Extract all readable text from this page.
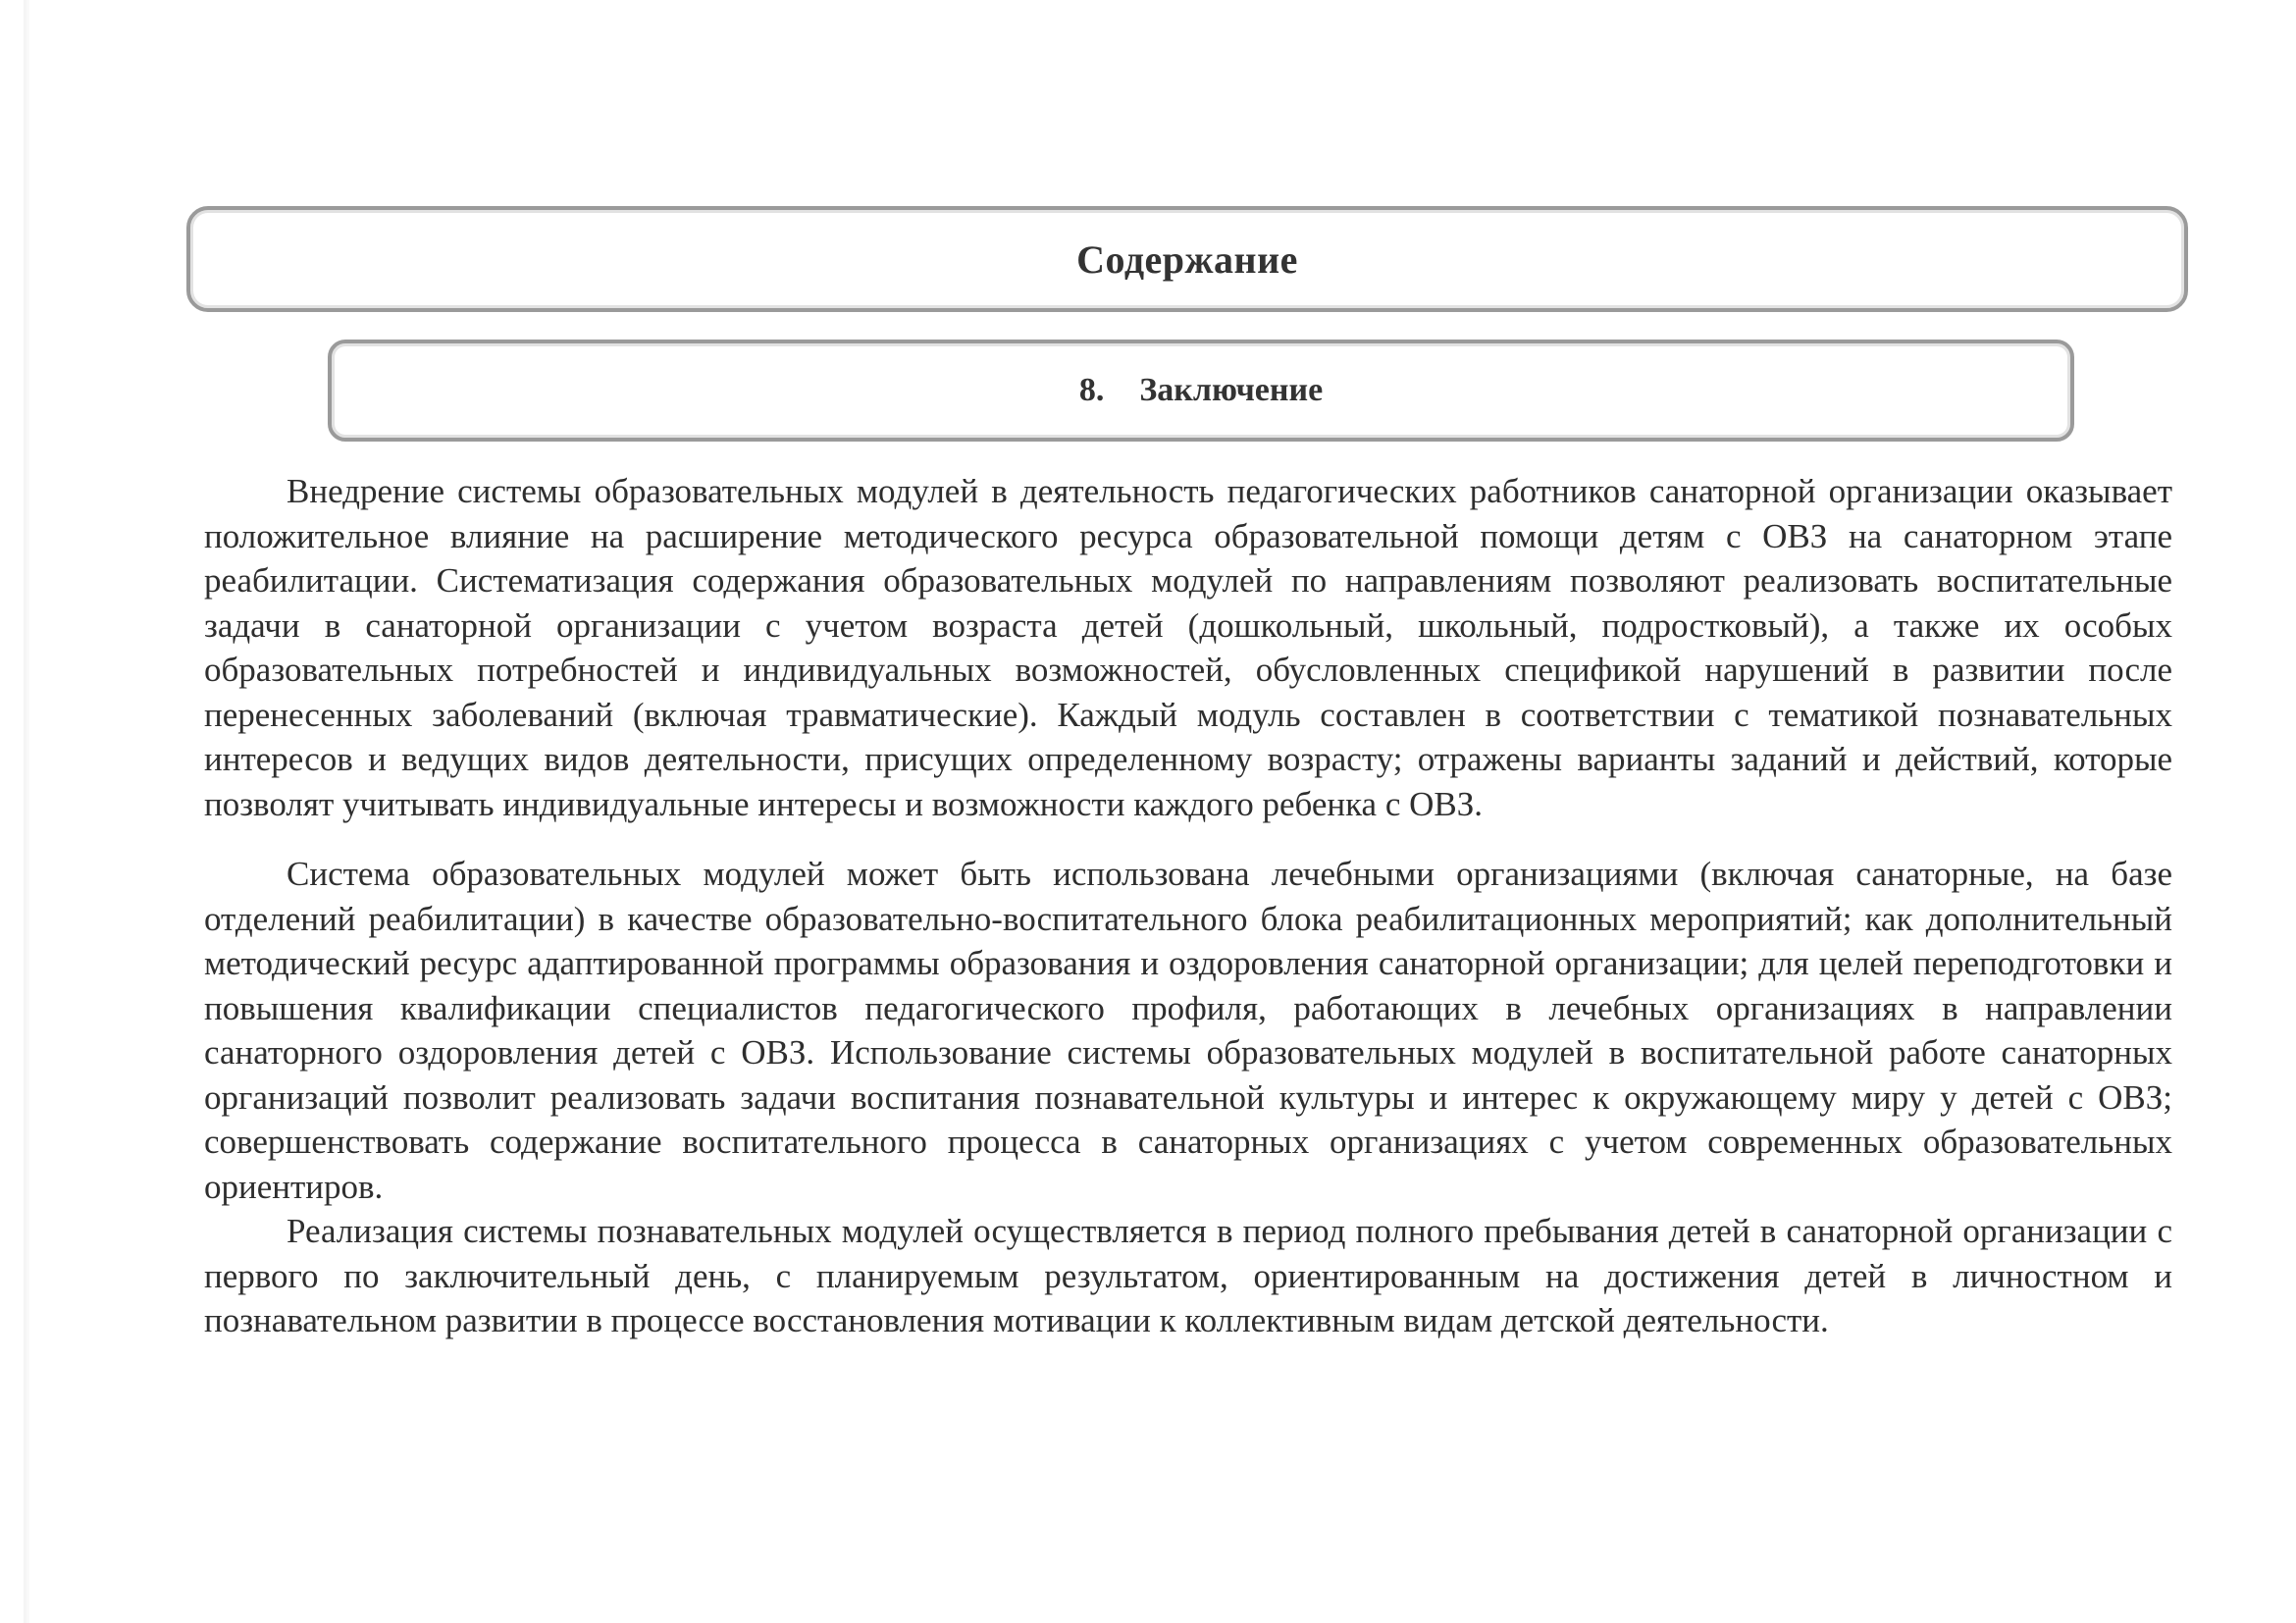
Содержание
8. Заключение

Внедрение системы образовательных модулей в деятельность педагогических работников санаторной организации оказывает положительное влияние на расширение методического ресурса образовательной помощи детям с ОВЗ на санаторном этапе реабилитации. Систематизация содержания образовательных модулей по направлениям позволяют реализовать воспитательные задачи в санаторной организации с учетом возраста детей (дошкольный, школьный, подростковый), а также их особых образовательных потребностей и индивидуальных возможностей, обусловленных спецификой нарушений в развитии после перенесенных заболеваний (включая травматические). Каждый модуль составлен в соответствии с тематикой познавательных интересов и ведущих видов деятельности, присущих определенному возрасту; отражены варианты заданий и действий, которые позволят учитывать индивидуальные интересы и возможности каждого ребенка с ОВЗ.

Система образовательных модулей может быть использована лечебными организациями (включая санаторные, на базе отделений реабилитации) в качестве образовательно-воспитательного блока реабилитационных мероприятий; как дополнительный методический ресурс адаптированной программы образования и оздоровления санаторной организации; для целей переподготовки и повышения квалификации специалистов педагогического профиля, работающих в лечебных организациях в направлении санаторного оздоровления детей с ОВЗ. Использование системы образовательных модулей в воспитательной работе санаторных организаций позволит реализовать задачи воспитания познавательной культуры и интерес к окружающему миру у детей с ОВЗ; совершенствовать содержание воспитательного процесса в санаторных организациях с учетом современных образовательных ориентиров.

Реализация системы познавательных модулей осуществляется в период полного пребывания детей в санаторной организации с первого по заключительный день, с планируемым результатом, ориентированным на достижения детей в личностном и познавательном развитии в процессе восстановления мотивации к коллективным видам детской деятельности.
